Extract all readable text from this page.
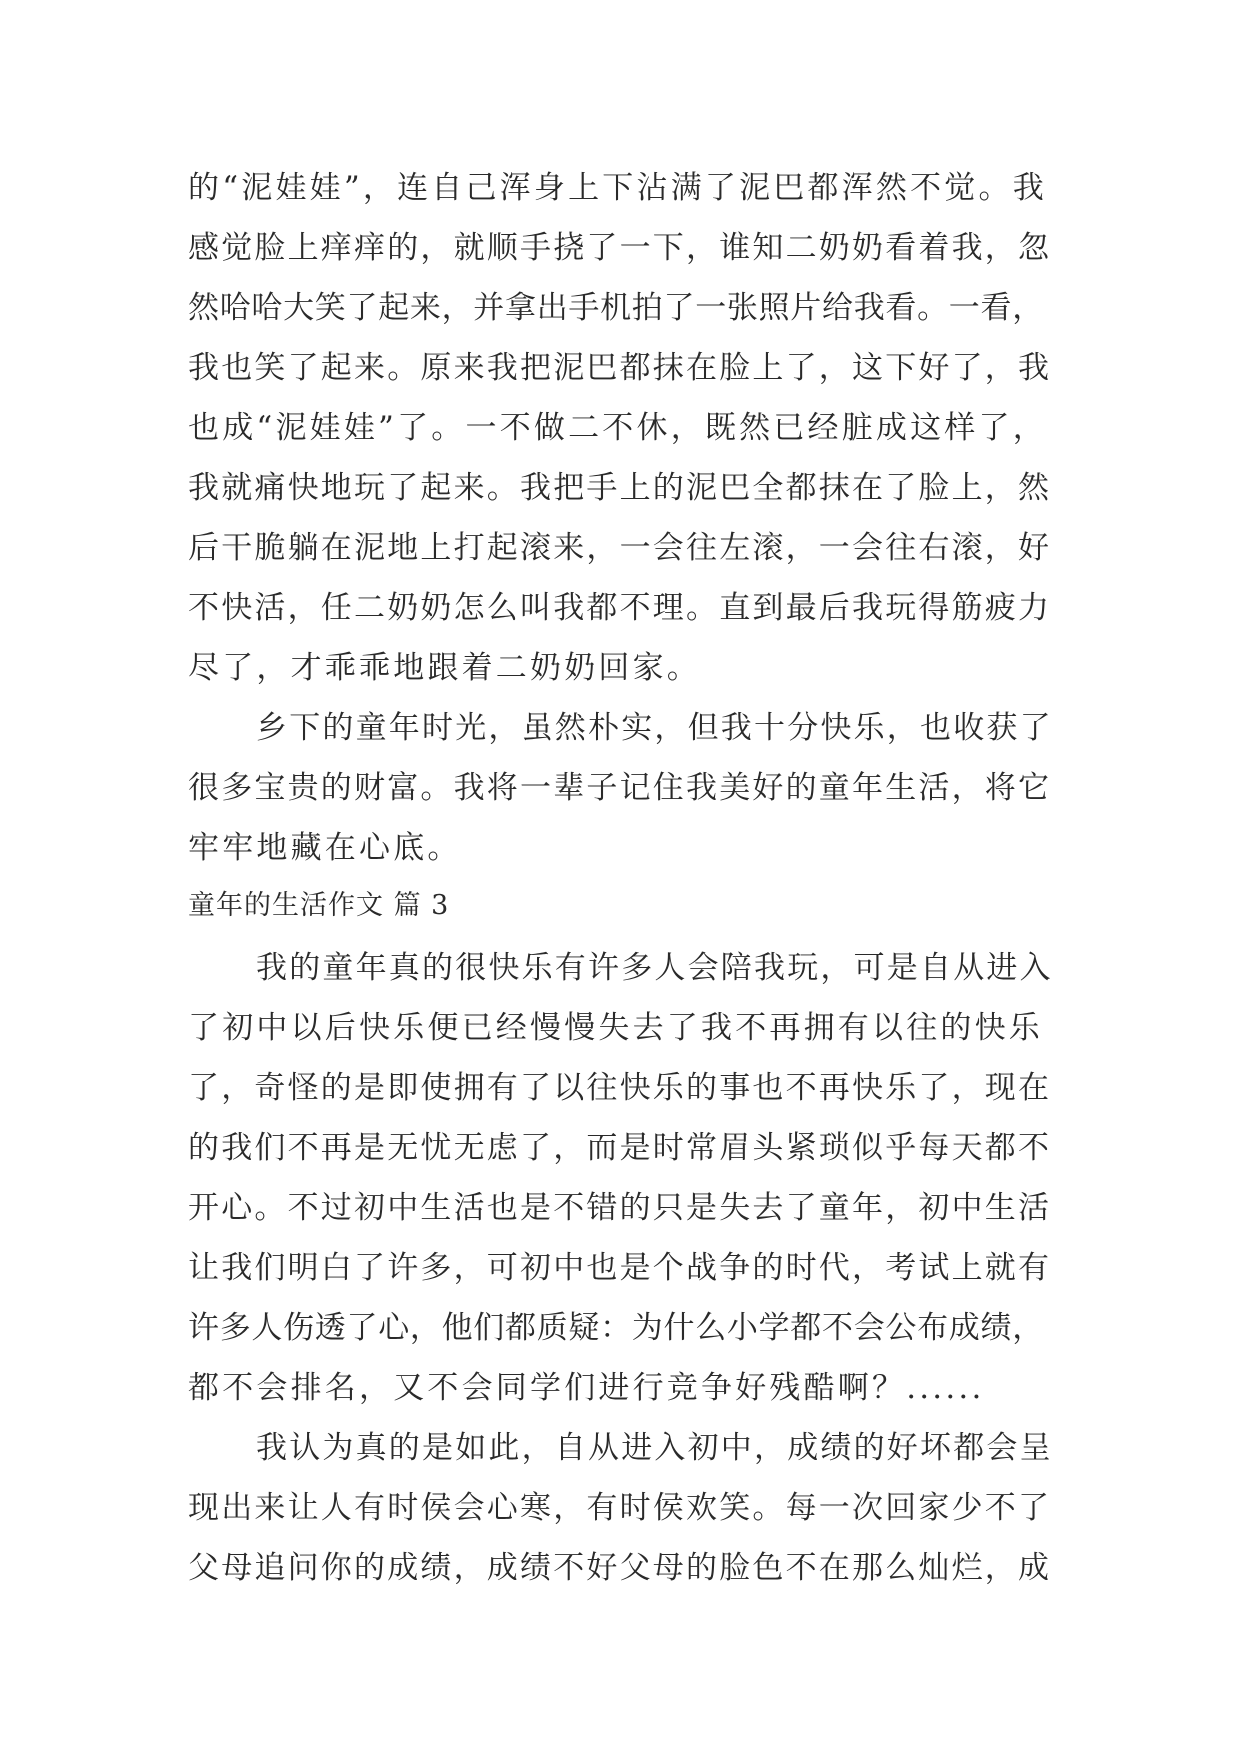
的“泥娃娃”，连自己浑身上下沾满了泥巴都浑然不觉。我
感觉脸上痒痒的，就顺手挠了一下，谁知二奶奶看着我，忽
然哈哈大笑了起来，并拿出手机拍了一张照片给我看。一看，
我也笑了起来。原来我把泥巴都抹在脸上了，这下好了，我
也成“泥娃娃”了。一不做二不休，既然已经脏成这样了，
我就痛快地玩了起来。我把手上的泥巴全都抹在了脸上，然
后干脆躺在泥地上打起滚来，一会往左滚，一会往右滚，好
不快活，任二奶奶怎么叫我都不理。直到最后我玩得筋疲力
尽了，才乖乖地跟着二奶奶回家。
乡下的童年时光，虽然朴实，但我十分快乐，也收获了
很多宝贵的财富。我将一辈子记住我美好的童年生活，将它
牢牢地藏在心底。
童年的生活作文 篇 3
我的童年真的很快乐有许多人会陪我玩，可是自从进入
了初中以后快乐便已经慢慢失去了我不再拥有以往的快乐
了，奇怪的是即使拥有了以往快乐的事也不再快乐了，现在
的我们不再是无忧无虑了，而是时常眉头紧琐似乎每天都不
开心。不过初中生活也是不错的只是失去了童年，初中生活
让我们明白了许多，可初中也是个战争的时代，考试上就有
许多人伤透了心，他们都质疑：为什么小学都不会公布成绩，
都不会排名，又不会同学们进行竞争好残酷啊？......
我认为真的是如此，自从进入初中，成绩的好坏都会呈
现出来让人有时侯会心寒，有时侯欢笑。每一次回家少不了
父母追问你的成绩，成绩不好父母的脸色不在那么灿烂，成
